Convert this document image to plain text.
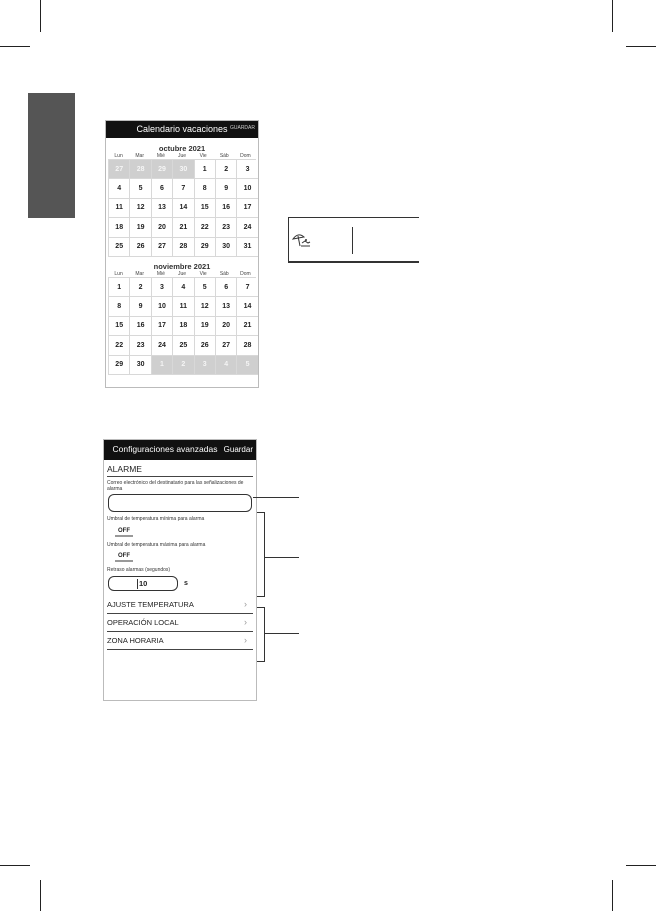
Calendario vacaciones GUARDAR
octubre 2021
Lun	Mar	Mié	Jue	Vie	Sáb	Dom
27	28	29	30	1	2	3
4	5	6	7	8	9	10
11	12	13	14	15	16	17
18	19	20	21	22	23	24
25	26	27	28	29	30	31
noviembre 2021
Lun	Mar	Mié	Jue	Vie	Sáb	Dom
1	2	3	4	5	6	7
8	9	10	11	12	13	14
15	16	17	18	19	20	21
22	23	24	25	26	27	28
29	30	1	2	3	4	5
Configuraciones avanzadas Guardar
ALARME
Correo electrónico del destinatario para las señalizaciones de alarma
Umbral de temperatura mínima para alarma
OFF
Umbral de temperatura máxima para alarma
OFF
Retraso alarmas (segundos)
10	s
AJUSTE TEMPERATURA	›
OPERACIÓN LOCAL	›
ZONA HORARIA	›
